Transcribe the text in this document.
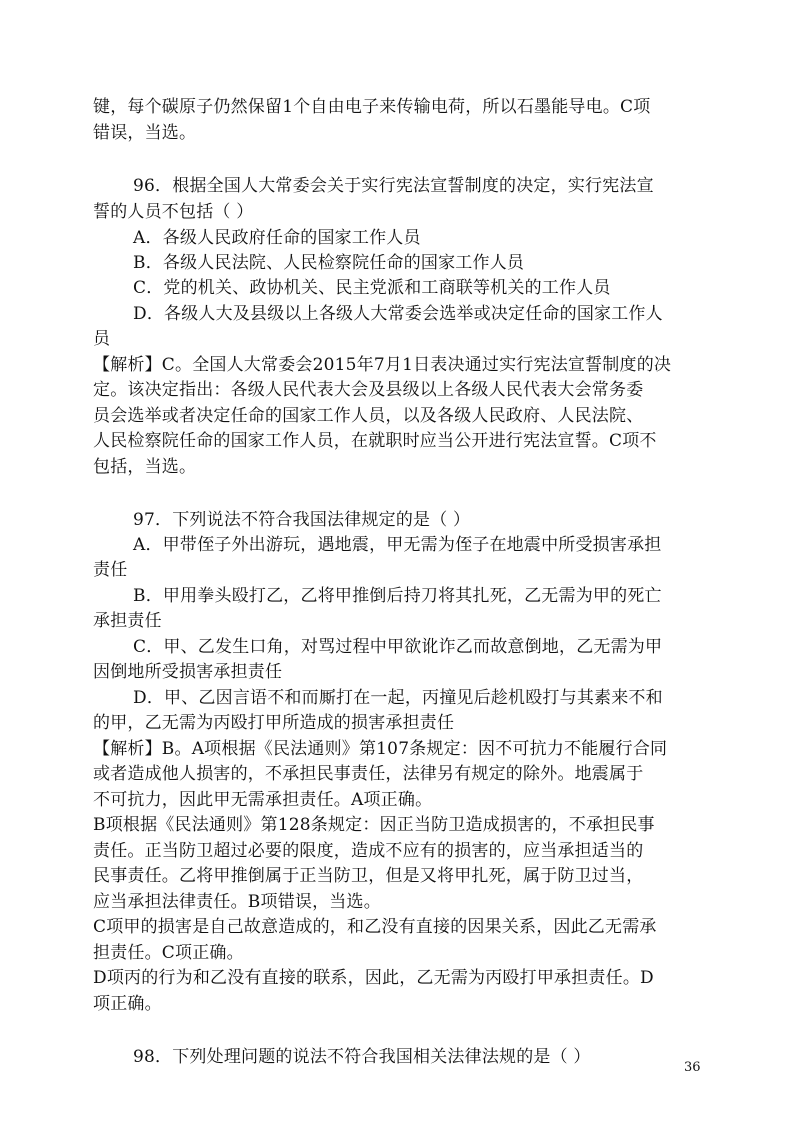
键，每个碳原子仍然保留1个自由电子来传输电荷，所以石墨能导电。C项
错误，当选。
96．根据全国人大常委会关于实行宪法宣誓制度的决定，实行宪法宣
誓的人员不包括（ ）
A．各级人民政府任命的国家工作人员
B．各级人民法院、人民检察院任命的国家工作人员
C．党的机关、政协机关、民主党派和工商联等机关的工作人员
D．各级人大及县级以上各级人大常委会选举或决定任命的国家工作人
员
【解析】C。全国人大常委会2015年7月1日表决通过实行宪法宣誓制度的决
定。该决定指出：各级人民代表大会及县级以上各级人民代表大会常务委
员会选举或者决定任命的国家工作人员，以及各级人民政府、人民法院、
人民检察院任命的国家工作人员，在就职时应当公开进行宪法宣誓。C项不
包括，当选。
97．下列说法不符合我国法律规定的是（ ）
A．甲带侄子外出游玩，遇地震，甲无需为侄子在地震中所受损害承担
责任
B．甲用拳头殴打乙，乙将甲推倒后持刀将其扎死，乙无需为甲的死亡
承担责任
C．甲、乙发生口角，对骂过程中甲欲讹诈乙而故意倒地，乙无需为甲
因倒地所受损害承担责任
D．甲、乙因言语不和而厮打在一起，丙撞见后趁机殴打与其素来不和
的甲，乙无需为丙殴打甲所造成的损害承担责任
【解析】B。A项根据《民法通则》第107条规定：因不可抗力不能履行合同
或者造成他人损害的，不承担民事责任，法律另有规定的除外。地震属于
不可抗力，因此甲无需承担责任。A项正确。
B项根据《民法通则》第128条规定：因正当防卫造成损害的，不承担民事
责任。正当防卫超过必要的限度，造成不应有的损害的，应当承担适当的
民事责任。乙将甲推倒属于正当防卫，但是又将甲扎死，属于防卫过当，
应当承担法律责任。B项错误，当选。
C项甲的损害是自己故意造成的，和乙没有直接的因果关系，因此乙无需承
担责任。C项正确。
D项丙的行为和乙没有直接的联系，因此，乙无需为丙殴打甲承担责任。D
项正确。
98．下列处理问题的说法不符合我国相关法律法规的是（ ）
36
